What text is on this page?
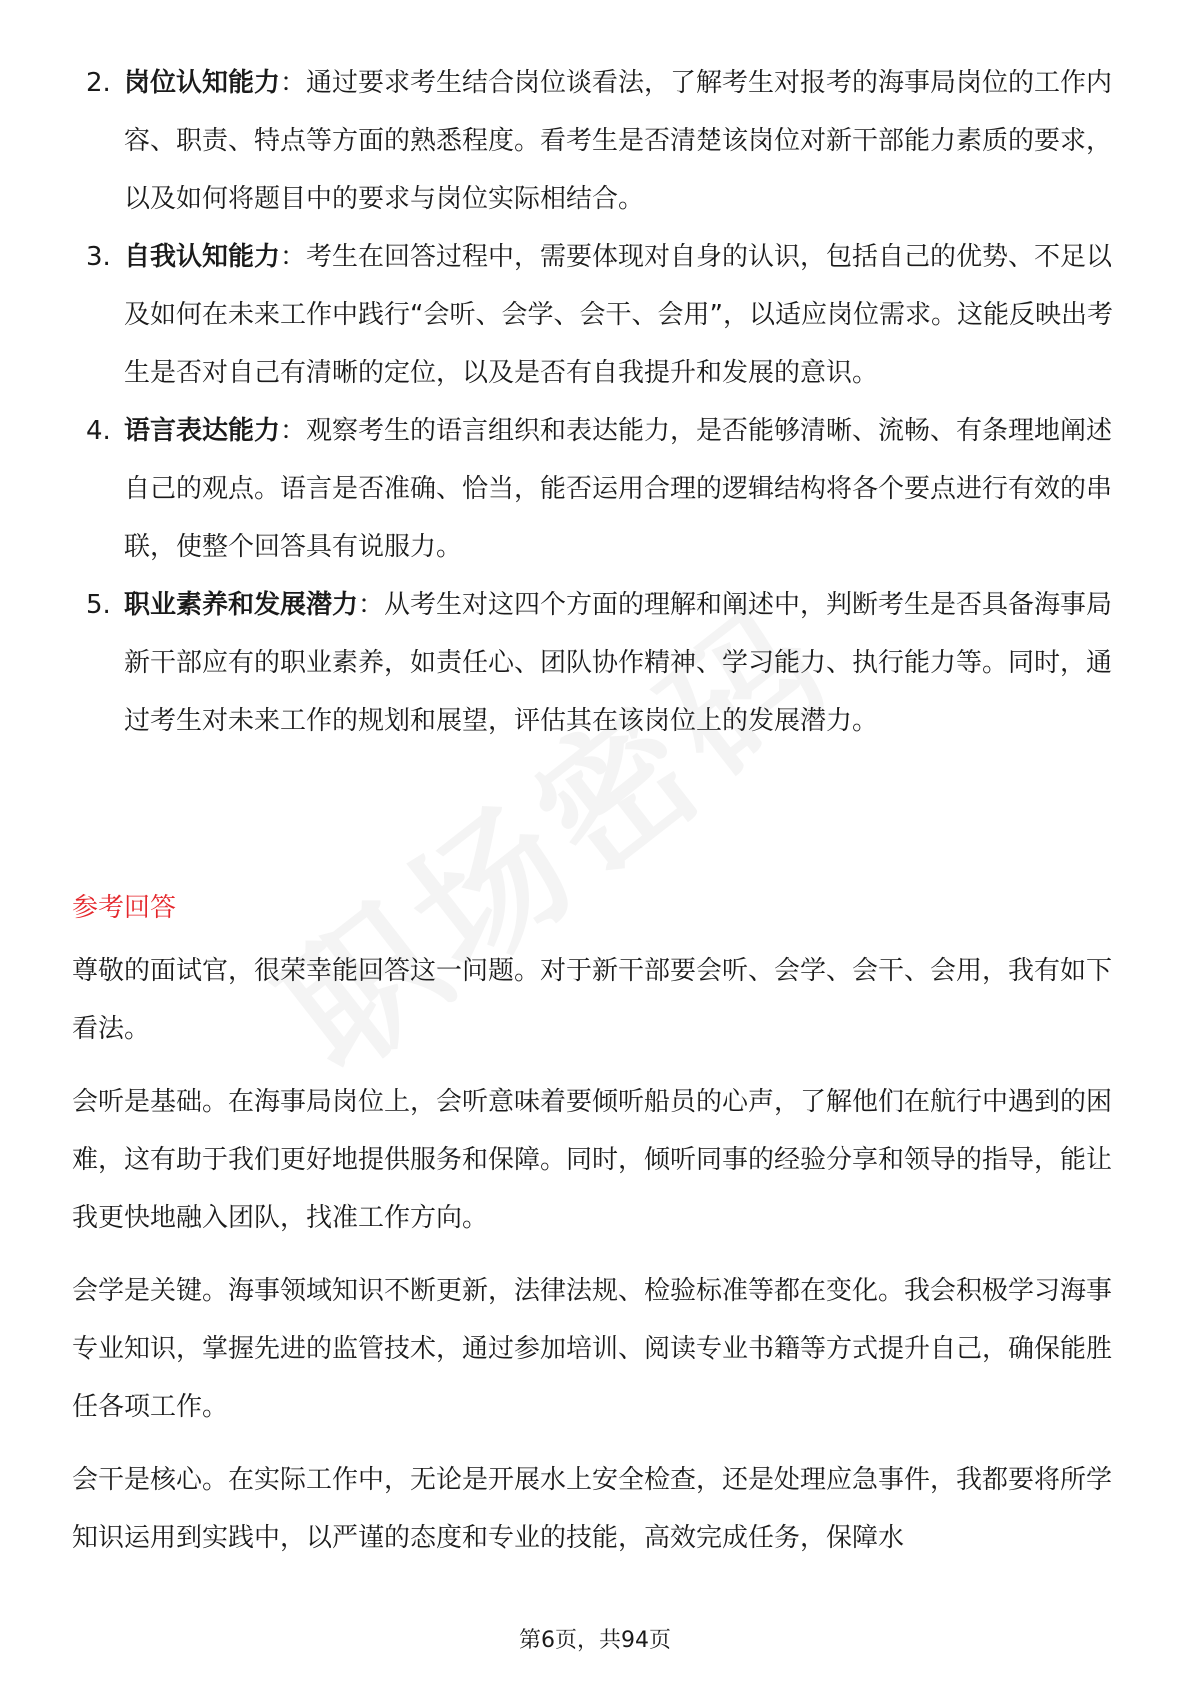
2. 岗位认知能力：通过要求考生结合岗位谈看法，了解考生对报考的海事局岗位的工作内容、职责、特点等方面的熟悉程度。看考生是否清楚该岗位对新干部能力素质的要求，以及如何将题目中的要求与岗位实际相结合。
3. 自我认知能力：考生在回答过程中，需要体现对自身的认识，包括自己的优势、不足以及如何在未来工作中践行“会听、会学、会干、会用”，以适应岗位需求。这能反映出考生是否对自己有清晰的定位，以及是否有自我提升和发展的意识。
4. 语言表达能力：观察考生的语言组织和表达能力，是否能够清晰、流畅、有条理地阐述自己的观点。语言是否准确、恰当，能否运用合理的逻辑结构将各个要点进行有效的串联，使整个回答具有说服力。
5. 职业素养和发展潜力：从考生对这四个方面的理解和阐述中，判断考生是否具备海事局新干部应有的职业素养，如责任心、团队协作精神、学习能力、执行能力等。同时，通过考生对未来工作的规划和展望，评估其在该岗位上的发展潜力。
参考回答

尊敬的面试官，很荣幸能回答这一问题。对于新干部要会听、会学、会干、会用，我有如下看法。

会听是基础。在海事局岗位上，会听意味着要倾听船员的心声，了解他们在航行中遇到的困难，这有助于我们更好地提供服务和保障。同时，倾听同事的经验分享和领导的指导，能让我更快地融入团队，找准工作方向。

会学是关键。海事领域知识不断更新，法律法规、检验标准等都在变化。我会积极学习海事专业知识，掌握先进的监管技术，通过参加培训、阅读专业书籍等方式提升自己，确保能胜任各项工作。

会干是核心。在实际工作中，无论是开展水上安全检查，还是处理应急事件，我都要将所学知识运用到实践中，以严谨的态度和专业的技能，高效完成任务，保障水

第6页，共94页
